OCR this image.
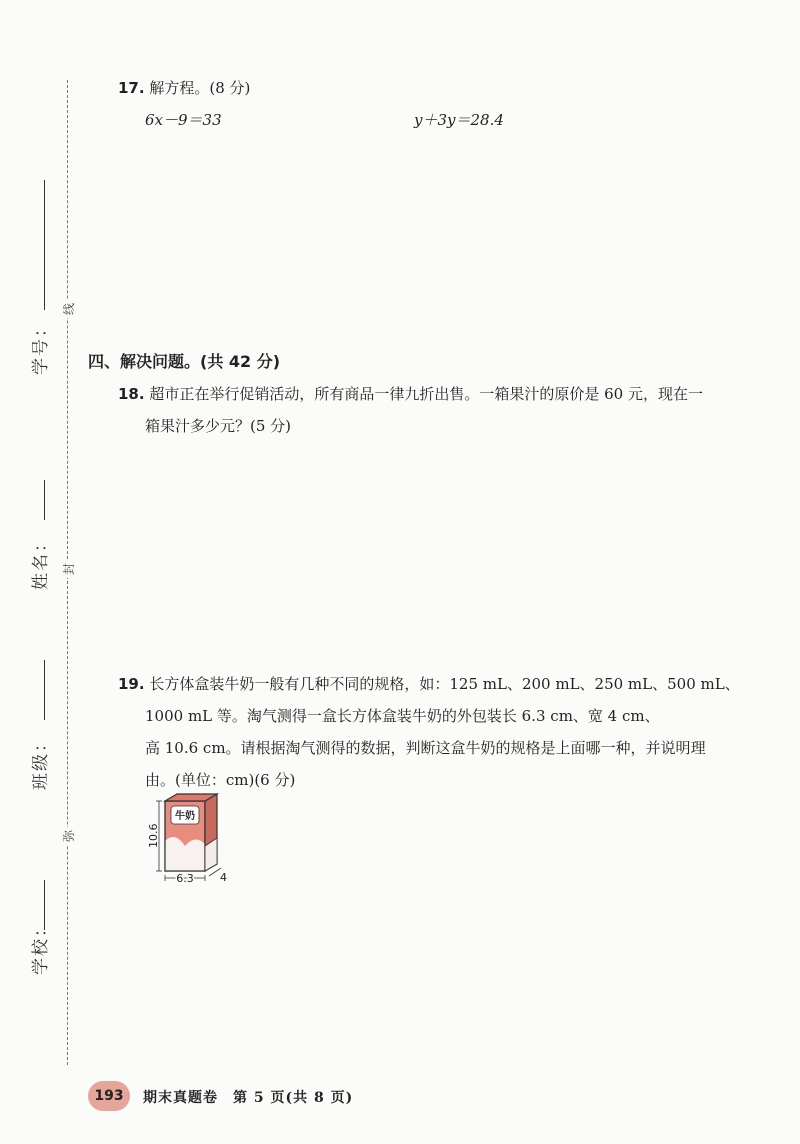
学号：
姓名：
班级：
学校：
线
封
弥
17. 解方程。(8 分)
6x－9＝33	y＋3y＝28.4
四、解决问题。(共 42 分)
18. 超市正在举行促销活动，所有商品一律九折出售。一箱果汁的原价是 60 元，现在一
箱果汁多少元？(5 分)
19. 长方体盒装牛奶一般有几种不同的规格，如：125 mL、200 mL、250 mL、500 mL、
1000 mL 等。淘气测得一盒长方体盒装牛奶的外包装长 6.3 cm、宽 4 cm、
高 10.6 cm。请根据淘气测得的数据，判断这盒牛奶的规格是上面哪一种，并说明理
由。(单位：cm)(6 分)
牛奶
10.6
6.3 4
193	期末真题卷　第 5 页(共 8 页)
